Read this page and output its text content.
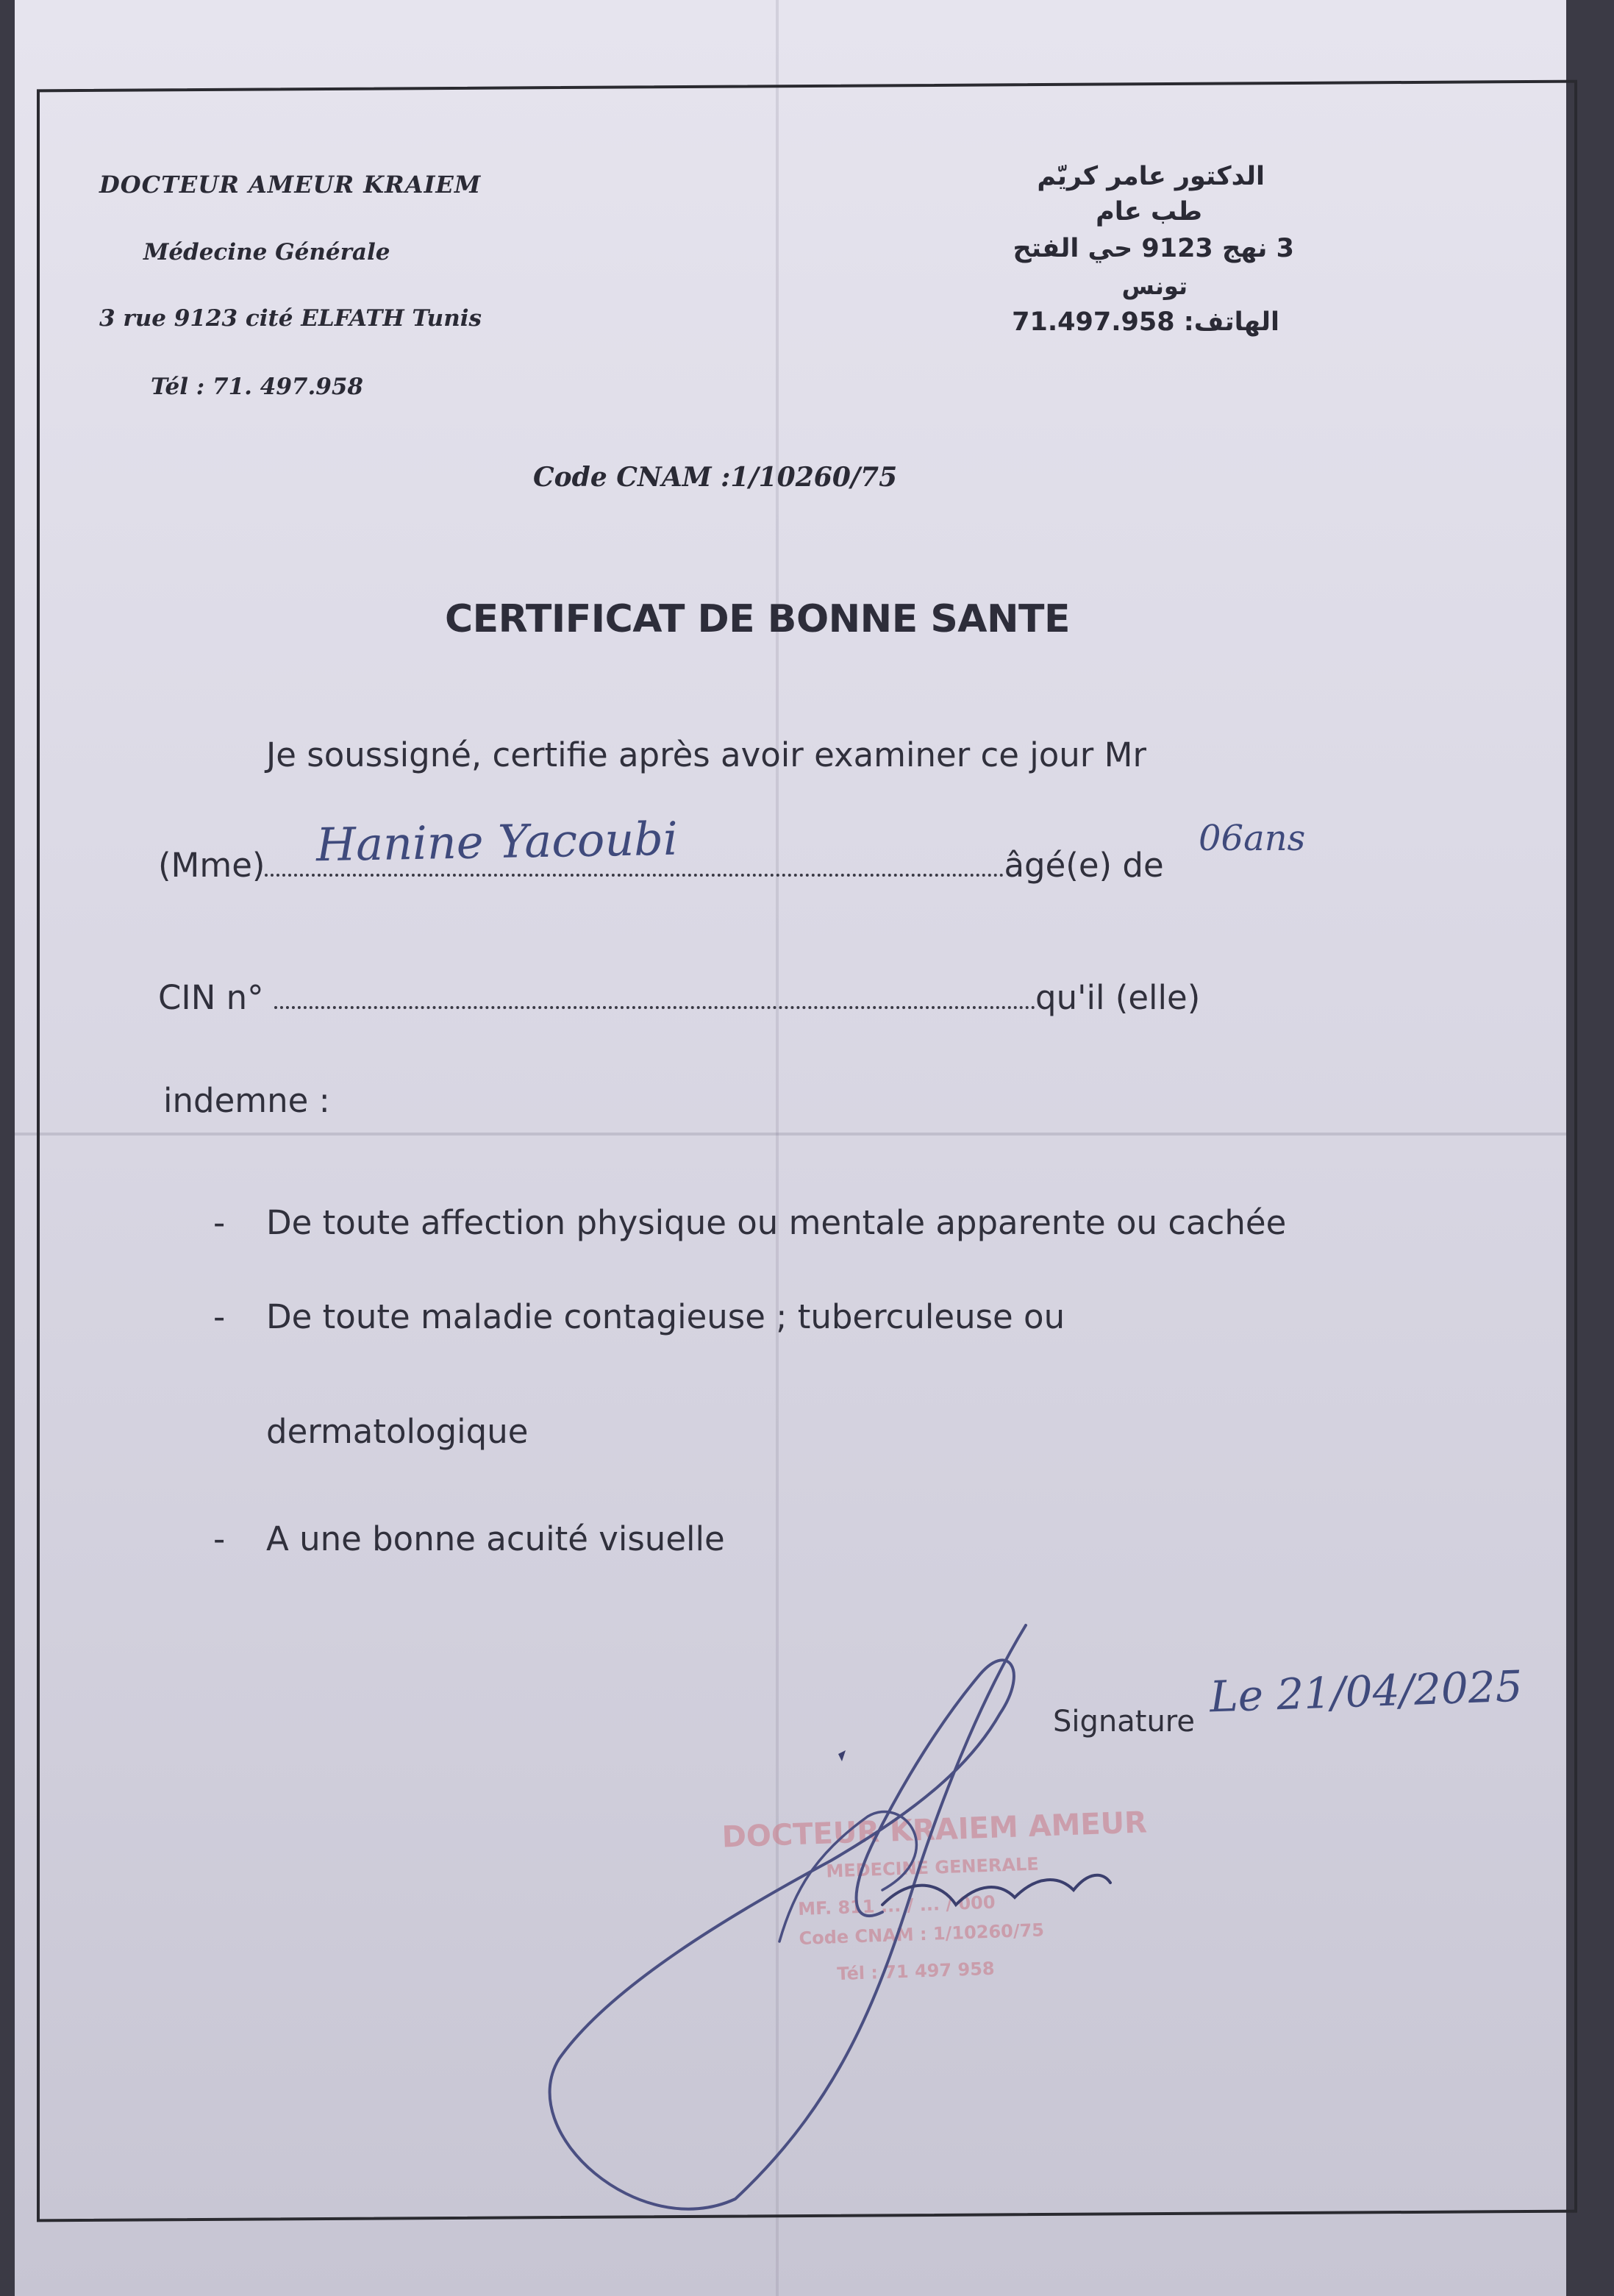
DOCTEUR AMEUR KRAIEM
Médecine Générale
3 rue 9123 cité ELFATH Tunis
Tél : 71. 497.958
الدكتور عامر كريّم
طب عام
3 نهج 9123 حي الفتح
تونس
الهاتف: 71.497.958
Code CNAM :1/10260/75
CERTIFICAT DE BONNE SANTE
Je soussigné, certifie après avoir examiner ce jour Mr
(Mme)	âgé(e) de
CIN n°	qu'il (elle)
indemne :
- De toute affection physique ou mentale apparente ou cachée
- De toute maladie contagieuse ; tuberculeuse ou
dermatologique
- A une bonne acuité visuelle
Hanine Yacoubi	06ans
Le 21/04/2025
Signature
DOCTEUR KRAIEM AMEUR
MEDECINE GENERALE
MF. 811 ... / ... / 000
Code CNAM : 1/10260/75
Tél : 71 497 958
